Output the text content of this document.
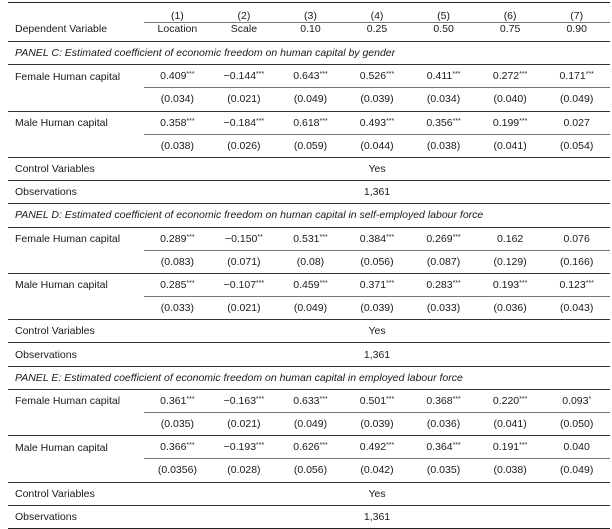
	(1)	(2)	(3)	(4)	(5)	(6)	(7)
Dependent Variable	Location	Scale	0.10	0.25	0.50	0.75	0.90
PANEL C: Estimated coefficient of economic freedom on human capital by gender							
Female Human capital	0.409***	−0.144***	0.643***	0.526***	0.411***	0.272***	0.171***
	(0.034)	(0.021)	(0.049)	(0.039)	(0.034)	(0.040)	(0.049)
Male Human capital	0.358***	−0.184***	0.618***	0.493***	0.356***	0.199***	0.027
	(0.038)	(0.026)	(0.059)	(0.044)	(0.038)	(0.041)	(0.054)
Control Variables				Yes			
Observations				1,361			
PANEL D: Estimated coefficient of economic freedom on human capital in self-employed labour force							
Female Human capital	0.289***	−0.150**	0.531***	0.384***	0.269***	0.162	0.076
	(0.083)	(0.071)	(0.08)	(0.056)	(0.087)	(0.129)	(0.166)
Male Human capital	0.285***	−0.107***	0.459***	0.371***	0.283***	0.193***	0.123***
	(0.033)	(0.021)	(0.049)	(0.039)	(0.033)	(0.036)	(0.043)
Control Variables				Yes			
Observations				1,361			
PANEL E: Estimated coefficient of economic freedom on human capital in employed labour force							
Female Human capital	0.361***	−0.163***	0.633***	0.501***	0.368***	0.220***	0.093*
	(0.035)	(0.021)	(0.049)	(0.039)	(0.036)	(0.041)	(0.050)
Male Human capital	0.366***	−0.193***	0.626***	0.492***	0.364***	0.191***	0.040
	(0.0356)	(0.028)	(0.056)	(0.042)	(0.035)	(0.038)	(0.049)
Control Variables				Yes			
Observations				1,361			
